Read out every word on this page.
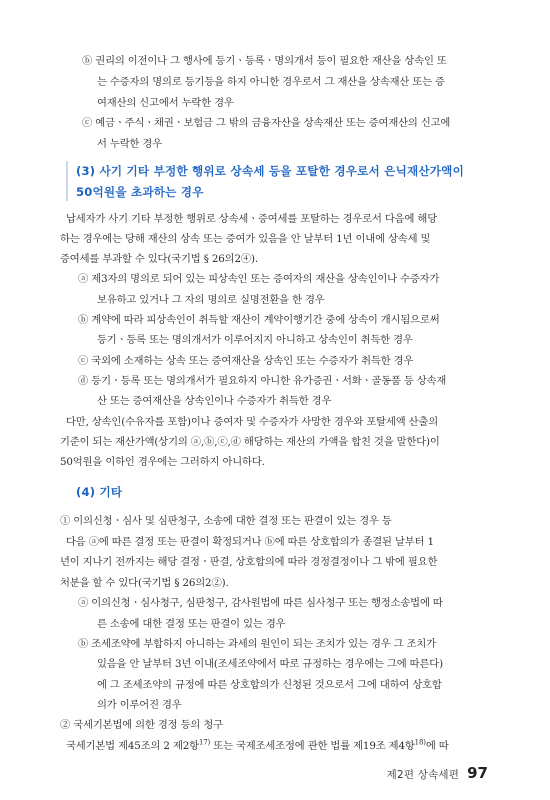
ⓑ 권리의 이전이나 그 행사에 등기ㆍ등록ㆍ명의개서 등이 필요한 재산을 상속인 또
는 수증자의 명의로 등기등을 하지 아니한 경우로서 그 재산을 상속재산 또는 증
여재산의 신고에서 누락한 경우
ⓒ 예금ㆍ주식ㆍ채권ㆍ보험금 그 밖의 금융자산을 상속재산 또는 증여재산의 신고에
서 누락한 경우
(3) 사기 기타 부정한 행위로 상속세 등을 포탈한 경우로서 은닉재산가액이
50억원을 초과하는 경우
납세자가 사기 기타 부정한 행위로 상속세ㆍ증여세를 포탈하는 경우로서 다음에 해당
하는 경우에는 당해 재산의 상속 또는 증여가 있음을 안 날부터 1년 이내에 상속세 및
증여세를 부과할 수 있다(국기법 § 26의2④).
ⓐ 제3자의 명의로 되어 있는 피상속인 또는 증여자의 재산을 상속인이나 수증자가
보유하고 있거나 그 자의 명의로 실명전환을 한 경우
ⓑ 계약에 따라 피상속인이 취득할 재산이 계약이행기간 중에 상속이 개시됨으로써
등기ㆍ등록 또는 명의개서가 이루어지지 아니하고 상속인이 취득한 경우
ⓒ 국외에 소재하는 상속 또는 증여재산을 상속인 또는 수증자가 취득한 경우
ⓓ 등기ㆍ등록 또는 명의개서가 필요하지 아니한 유가증권ㆍ서화ㆍ골동품 등 상속재
산 또는 증여재산을 상속인이나 수증자가 취득한 경우
다만, 상속인(수유자를 포함)이나 증여자 및 수증자가 사망한 경우와 포탈세액 산출의
기준이 되는 재산가액(상기의 ⓐ,ⓑ,ⓒ,ⓓ 해당하는 재산의 가액을 합친 것을 말한다)이
50억원을 이하인 경우에는 그러하지 아니하다.
(4) 기타
① 이의신청ㆍ심사 및 심판청구, 소송에 대한 결정 또는 판결이 있는 경우 등
다음 ⓐ에 따른 결정 또는 판결이 확정되거나 ⓑ에 따른 상호합의가 종결된 날부터 1
년이 지나기 전까지는 해당 결정ㆍ판결, 상호합의에 따라 경정결정이나 그 밖에 필요한
처분을 할 수 있다(국기법 § 26의2②).
ⓐ 이의신청ㆍ심사청구, 심판청구, 감사원법에 따른 심사청구 또는 행정소송법에 따
른 소송에 대한 결정 또는 판결이 있는 경우
ⓑ 조세조약에 부합하지 아니하는 과세의 원인이 되는 조치가 있는 경우 그 조치가
있음을 안 날부터 3년 이내(조세조약에서 따로 규정하는 경우에는 그에 따른다)
에 그 조세조약의 규정에 따른 상호합의가 신청된 것으로서 그에 대하여 상호합
의가 이루어진 경우
② 국세기본법에 의한 경정 등의 청구
국세기본법 제45조의 2 제2항$^{17)}$ 또는 국제조세조정에 관한 법률 제19조 제4항$^{18)}$에 따
제2편 상속세편 97
